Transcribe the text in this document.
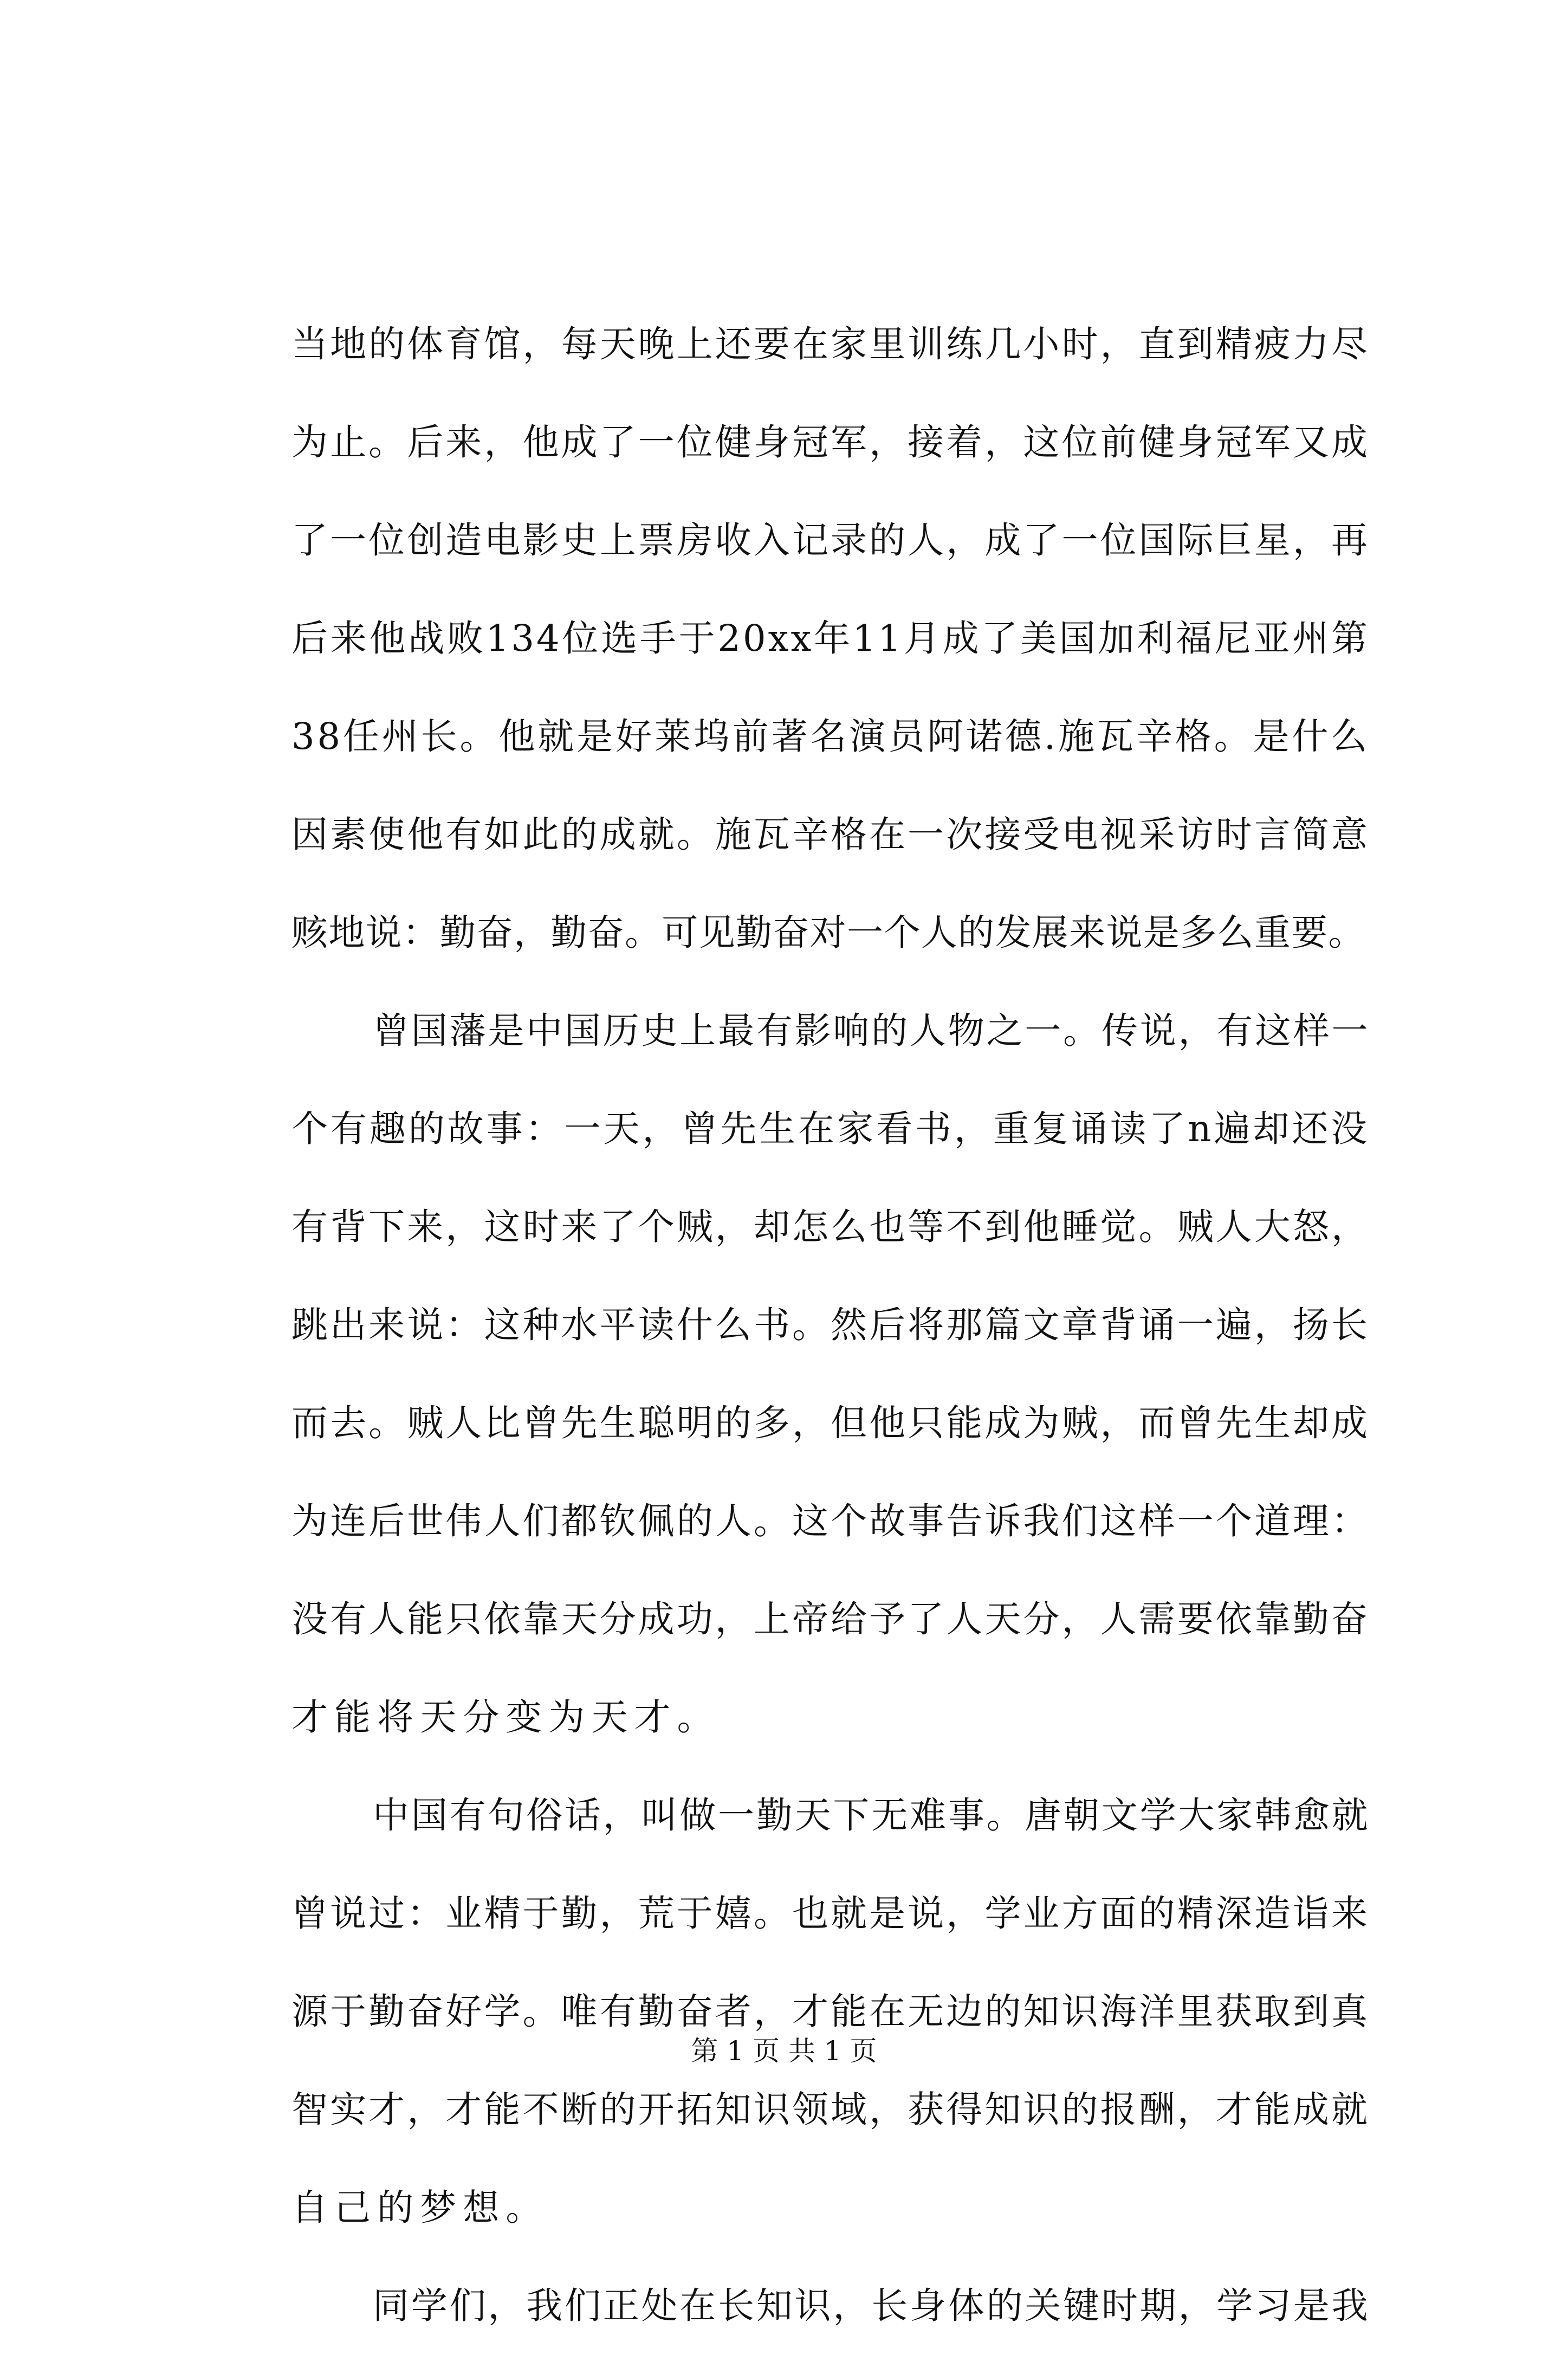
当地的体育馆，每天晚上还要在家里训练几小时，直到精疲力尽
为止。后来，他成了一位健身冠军，接着，这位前健身冠军又成
了一位创造电影史上票房收入记录的人，成了一位国际巨星，再
后来他战败134位选手于20xx年11月成了美国加利福尼亚州第
38任州长。他就是好莱坞前著名演员阿诺德.施瓦辛格。是什么
因素使他有如此的成就。施瓦辛格在一次接受电视采访时言简意
赅地说：勤奋，勤奋。可见勤奋对一个人的发展来说是多么重要。
曾国藩是中国历史上最有影响的人物之一。传说，有这样一
个有趣的故事：一天，曾先生在家看书，重复诵读了n遍却还没
有背下来，这时来了个贼，却怎么也等不到他睡觉。贼人大怒，
跳出来说：这种水平读什么书。然后将那篇文章背诵一遍，扬长
而去。贼人比曾先生聪明的多，但他只能成为贼，而曾先生却成
为连后世伟人们都钦佩的人。这个故事告诉我们这样一个道理：
没有人能只依靠天分成功，上帝给予了人天分，人需要依靠勤奋
才能将天分变为天才。
中国有句俗话，叫做一勤天下无难事。唐朝文学大家韩愈就
曾说过：业精于勤，荒于嬉。也就是说，学业方面的精深造诣来
源于勤奋好学。唯有勤奋者，才能在无边的知识海洋里获取到真
智实才，才能不断的开拓知识领域，获得知识的报酬，才能成就
自己的梦想。
同学们，我们正处在长知识，长身体的关键时期，学习是我
第 1 页 共 1 页
